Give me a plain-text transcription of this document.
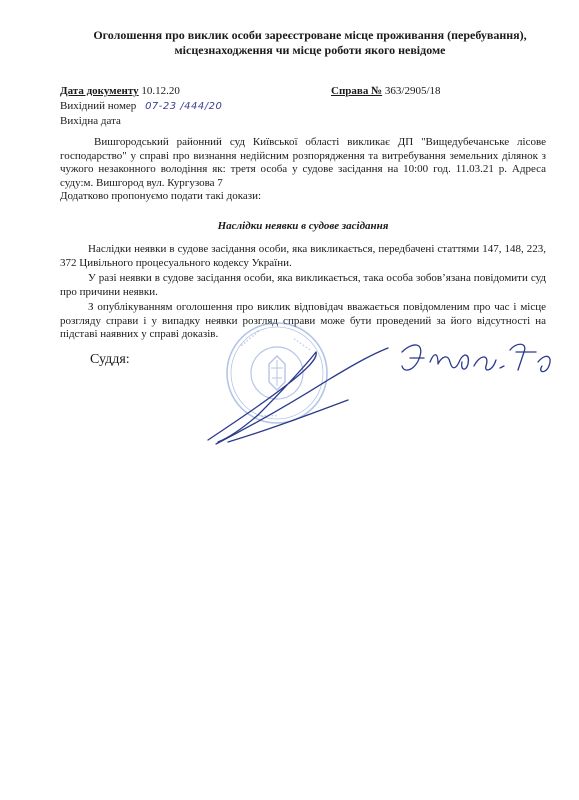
Оголошення про виклик особи зареєстроване місце проживання (перебування), місцезнаходження чи місце роботи якого невідоме
Дата документу 10.12.20	Справа № 363/2905/18
Вихідний номер 07-23 /444/20
Вихідна дата

Вишгородський районний суд Київської області викликає ДП "Вищедубечанське лісове господарство" у справі про визнання недійсним розпорядження та витребування земельних ділянок з чужого незаконного володіння як: третя особа у судове засідання на 10:00 год. 11.03.21 р. Адреса суду:м. Вишгород вул. Кургузова 7

Додатково пропонуємо подати такі докази:

Наслідки неявки в судове засідання

Наслідки неявки в судове засідання особи, яка викликається, передбачені статтями 147, 148, 223, 372 Цивільного процесуального кодексу України.

У разі неявки в судове засідання особи, яка викликається, така особа зобов’язана повідомити суд про причини неявки.

З опублікуванням оголошення про виклик відповідач вважається повідомленим про час і місце розгляду справи і у випадку неявки розгляд справи може бути проведений за його відсутності на підставі наявних у справі доказів.

Суддя:
•••••••	••••••
•••••
